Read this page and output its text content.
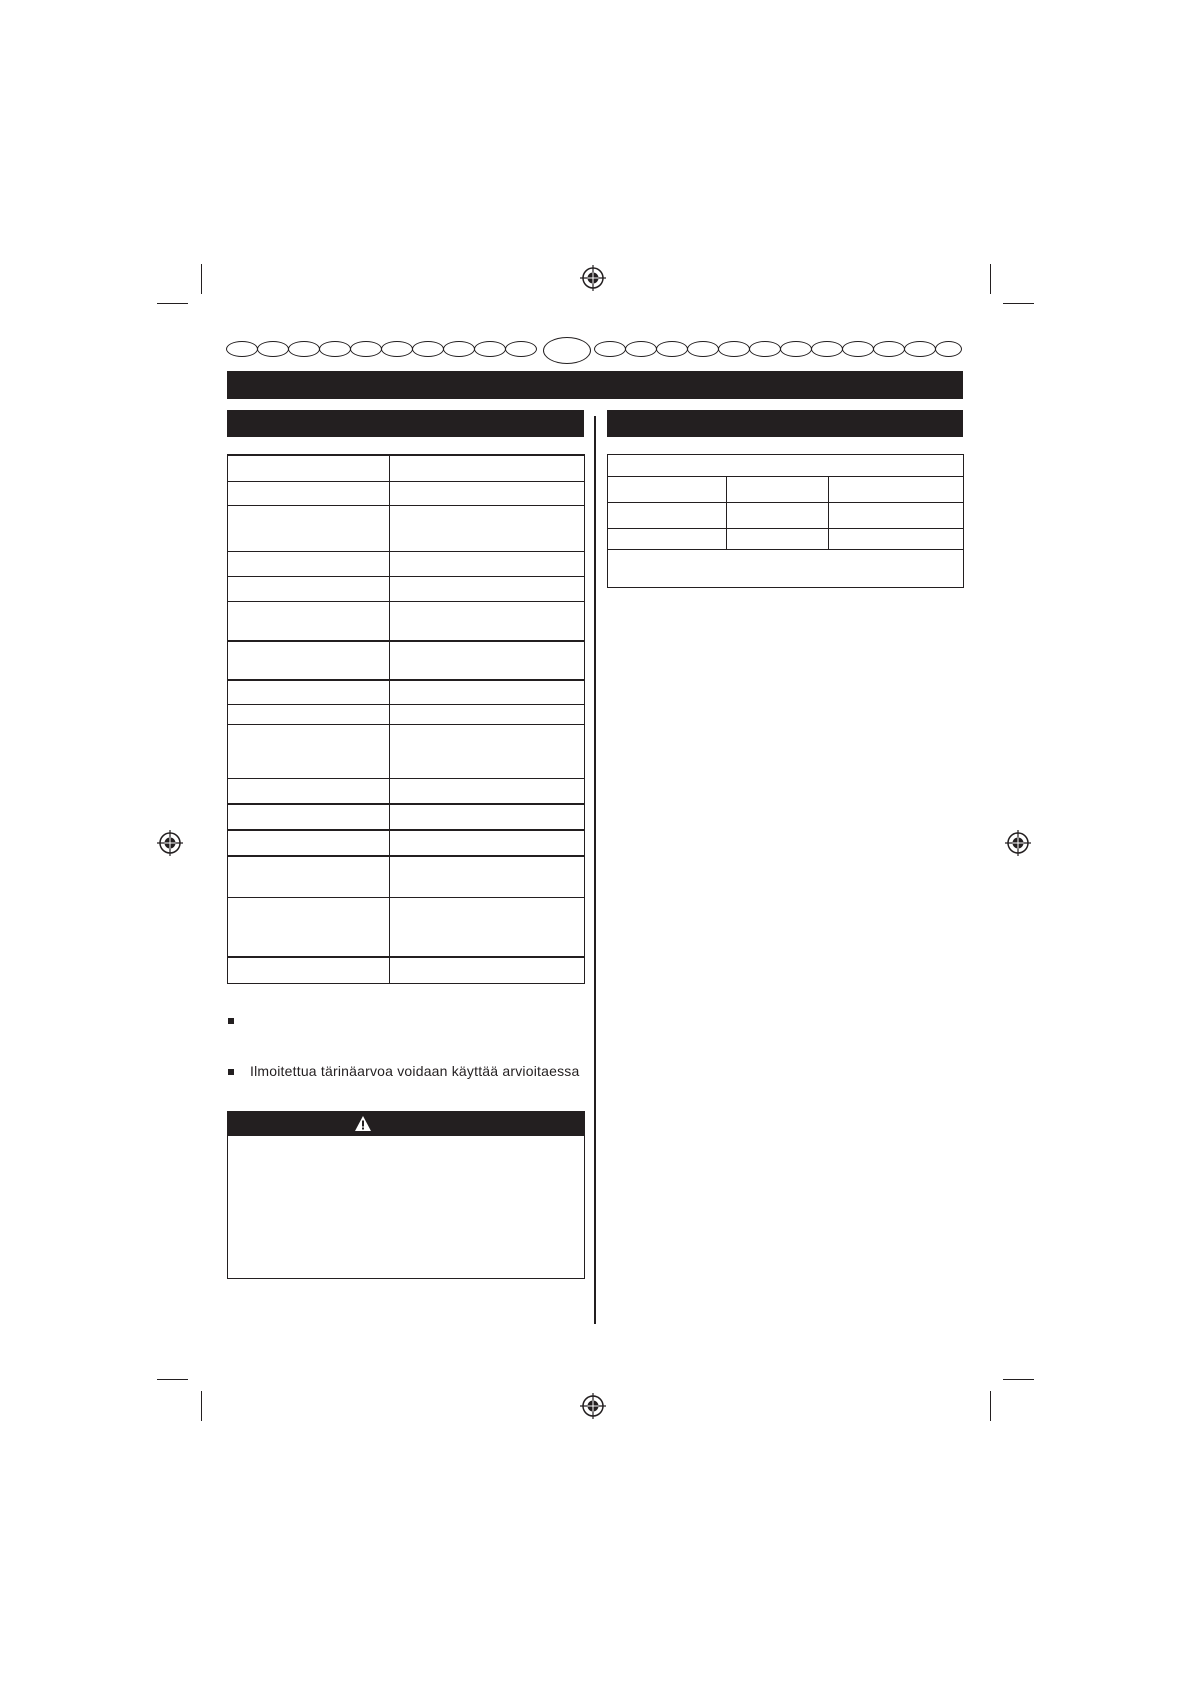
Ilmoitettua tärinäarvoa voidaan käyttää arvioitaessa
